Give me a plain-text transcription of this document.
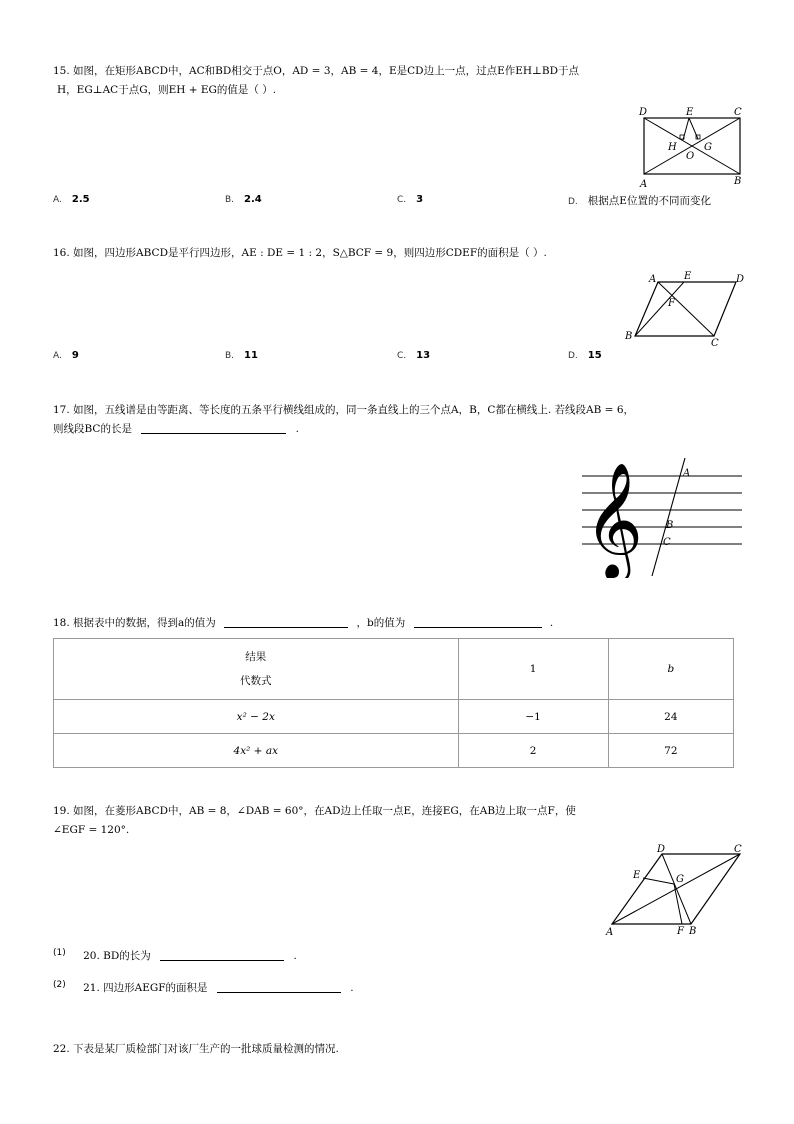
15. 如图，在矩形ABCD中，AC和BD相交于点O，AD = 3，AB = 4，E是CD边上一点，过点E作EH⊥BD于点
H，EG⊥AC于点G，则EH + EG的值是（ ）.
D	E	C
H	G
O
A	B
A. 2.5	B. 2.4	C. 3	D. 根据点E位置的不同而变化
16. 如图，四边形ABCD是平行四边形，AE : DE = 1 : 2，S△BCF = 9，则四边形CDEF的面积是（ ）.
A	E	D
F
B
C
A. 9	B. 11	C. 13	D. 15
17. 如图，五线谱是由等距离、等长度的五条平行横线组成的，同一条直线上的三个点A，B，C都在横线上. 若线段AB = 6，
则线段BC的长是	.
𝄞	A
B
C
18. 根据表中的数据，得到a的值为	，b的值为	.
结果
代数式	1	b
x² − 2x	−1	24
4x² + ax	2	72
19. 如图，在菱形ABCD中，AB = 8，∠DAB = 60°，在AD边上任取一点E，连接EG，在AB边上取一点F，使
∠EGF = 120°.
D	C
E	G
A	F B
(1) 20. BD的长为	.
(2) 21. 四边形AEGF的面积是	.
22. 下表是某厂质检部门对该厂生产的一批球质量检测的情况.
